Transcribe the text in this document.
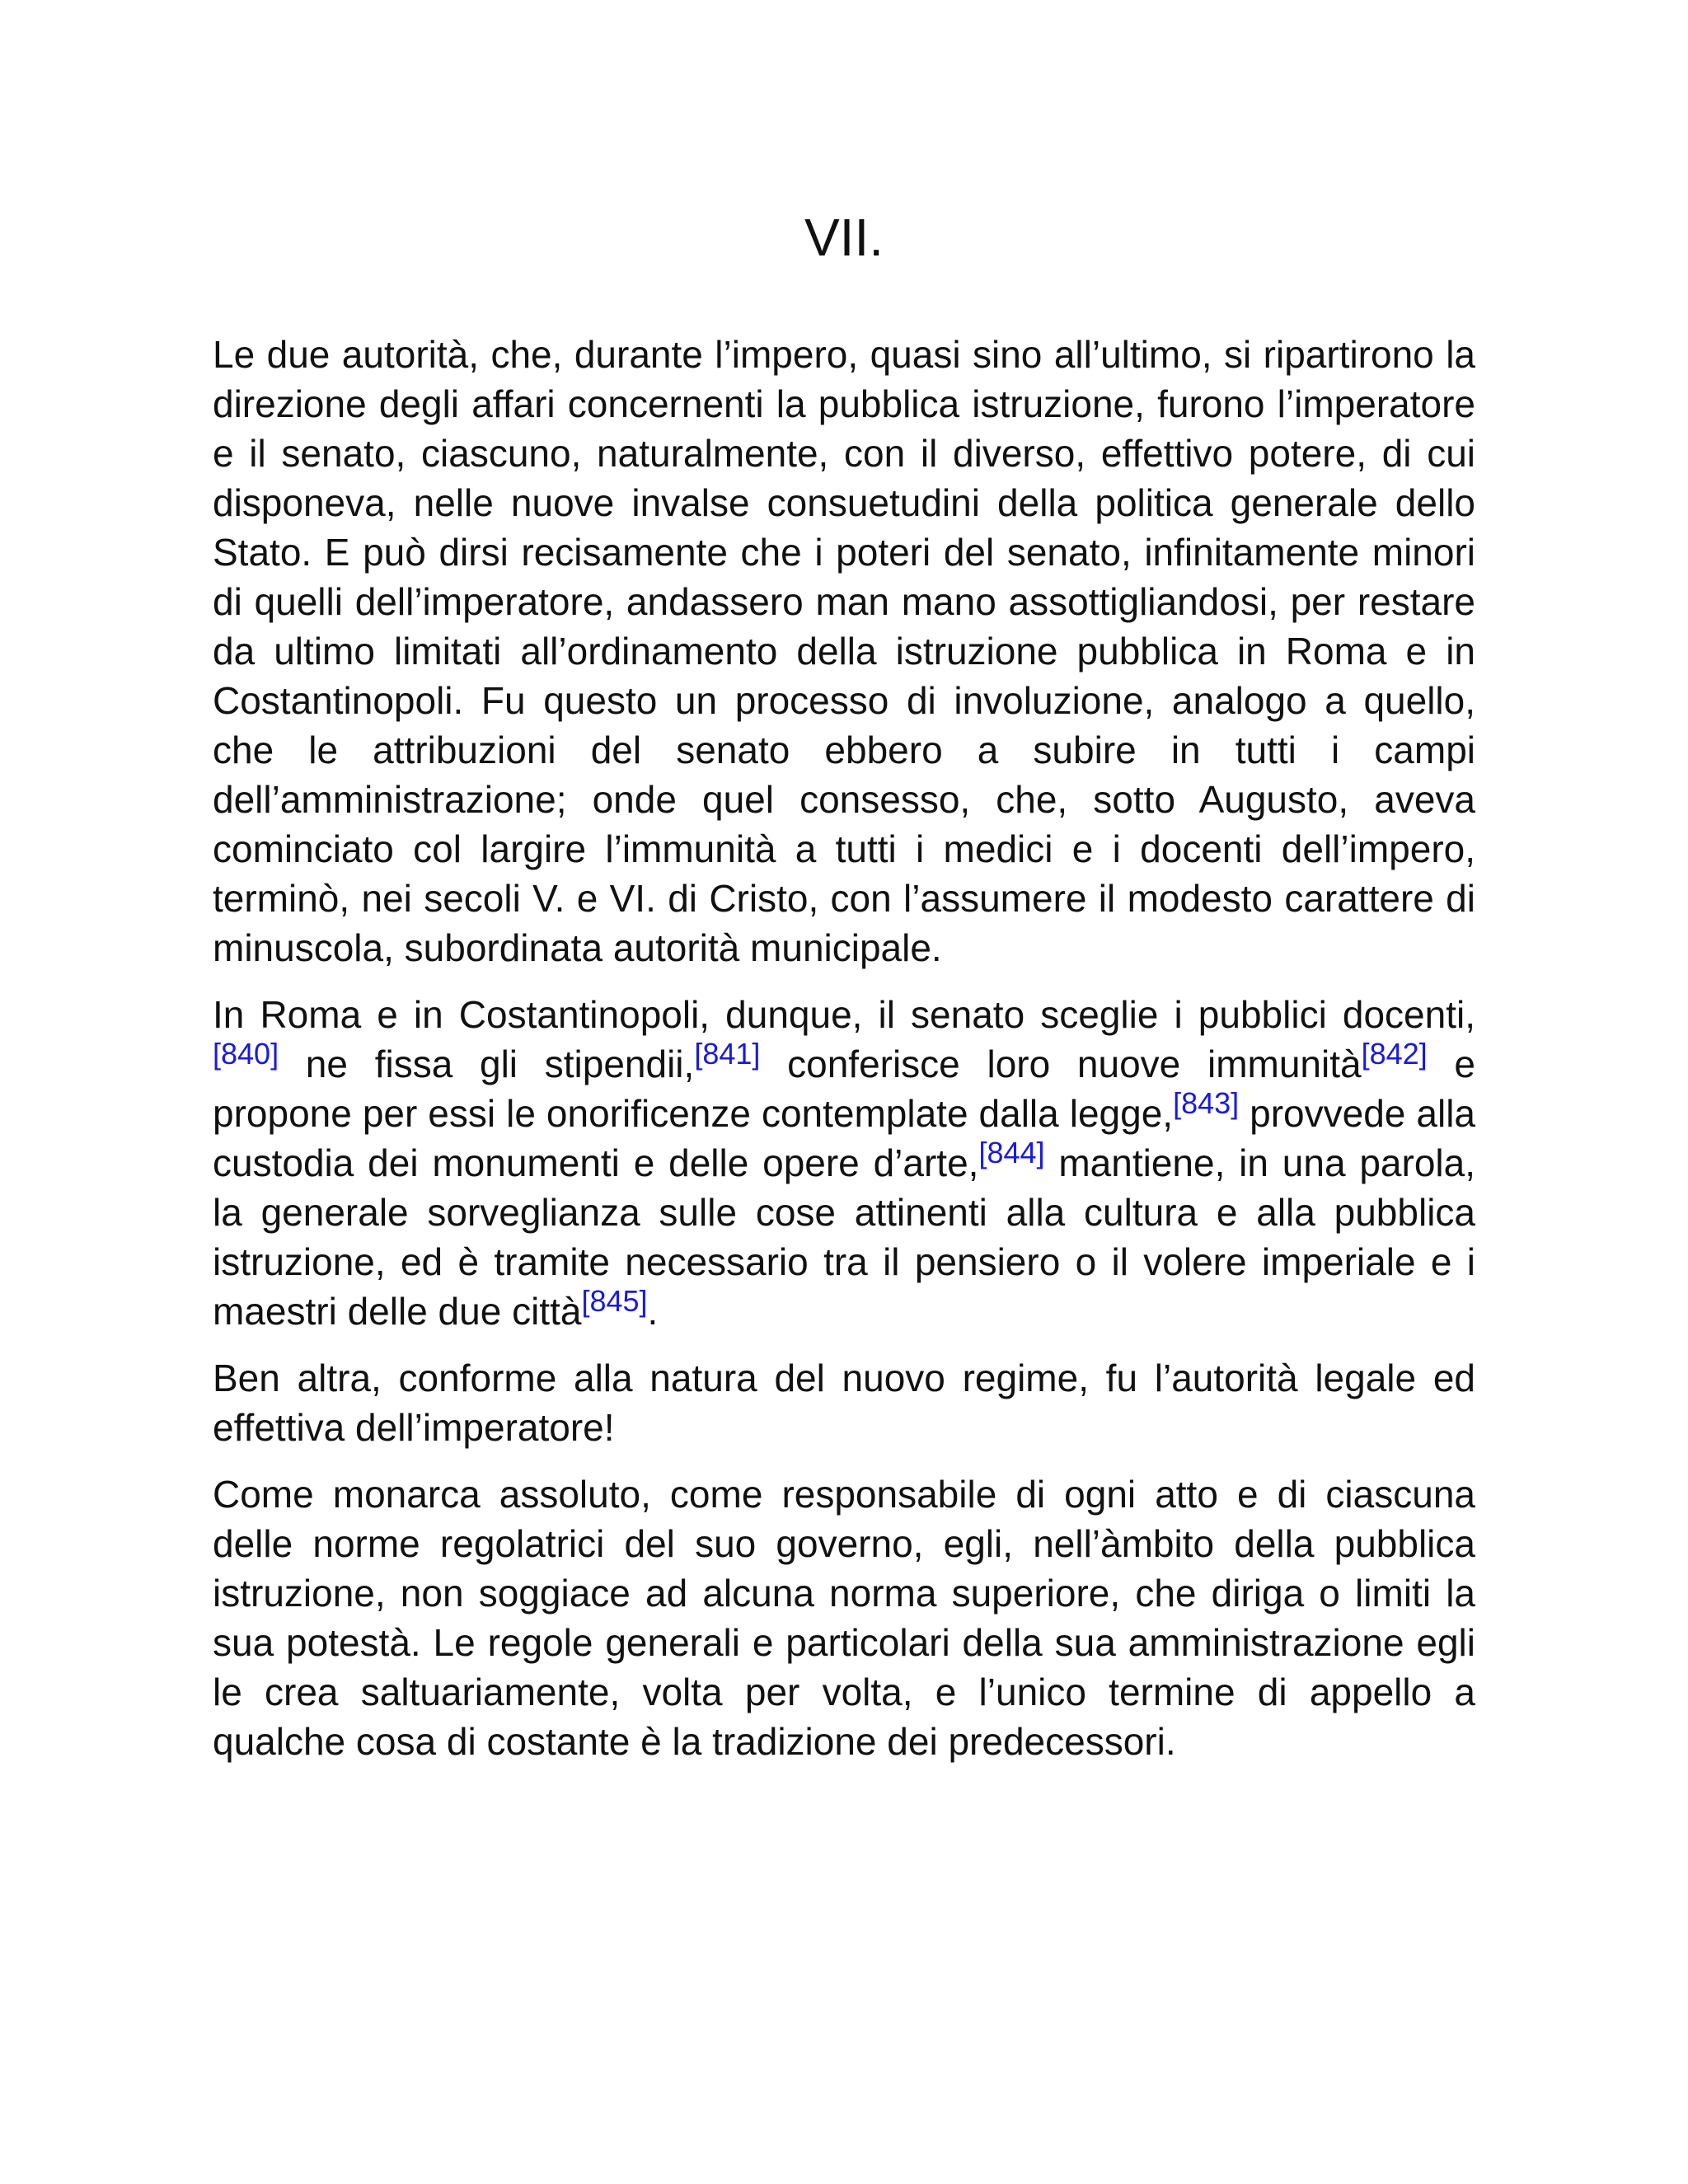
VII.

Le due autorità, che, durante l’impero, quasi sino all’ultimo, si ripartirono la direzione degli affari concernenti la pubblica istruzione, furono l’imperatore e il senato, ciascuno, naturalmente, con il diverso, effettivo potere, di cui disponeva, nelle nuove invalse consuetudini della politica generale dello Stato. E può dirsi recisamente che i poteri del senato, infinitamente minori di quelli dell’imperatore, andassero man mano assottigliandosi, per restare da ultimo limitati all’ordinamento della istruzione pubblica in Roma e in Costantinopoli. Fu questo un processo di involuzione, analogo a quello, che le attribuzioni del senato ebbero a subire in tutti i campi dell’amministrazione; onde quel consesso, che, sotto Augusto, aveva cominciato col largire l’immunità a tutti i medici e i docenti dell’impero, terminò, nei secoli V. e VI. di Cristo, con l’assumere il modesto carattere di minuscola, subordinata autorità municipale.

In Roma e in Costantinopoli, dunque, il senato sceglie i pubblici docenti,[840] ne fissa gli stipendii,[841] conferisce loro nuove immunità[842] e propone per essi le onorificenze contemplate dalla legge,[843] provvede alla custodia dei monumenti e delle opere d’arte,[844] mantiene, in una parola, la generale sorveglianza sulle cose attinenti alla cultura e alla pubblica istruzione, ed è tramite necessario tra il pensiero o il volere imperiale e i maestri delle due città[845].

Ben altra, conforme alla natura del nuovo regime, fu l’autorità legale ed effettiva dell’imperatore!

Come monarca assoluto, come responsabile di ogni atto e di ciascuna delle norme regolatrici del suo governo, egli, nell’àmbito della pubblica istruzione, non soggiace ad alcuna norma superiore, che diriga o limiti la sua potestà. Le regole generali e particolari della sua amministrazione egli le crea saltuariamente, volta per volta, e l’unico termine di appello a qualche cosa di costante è la tradizione dei predecessori.
